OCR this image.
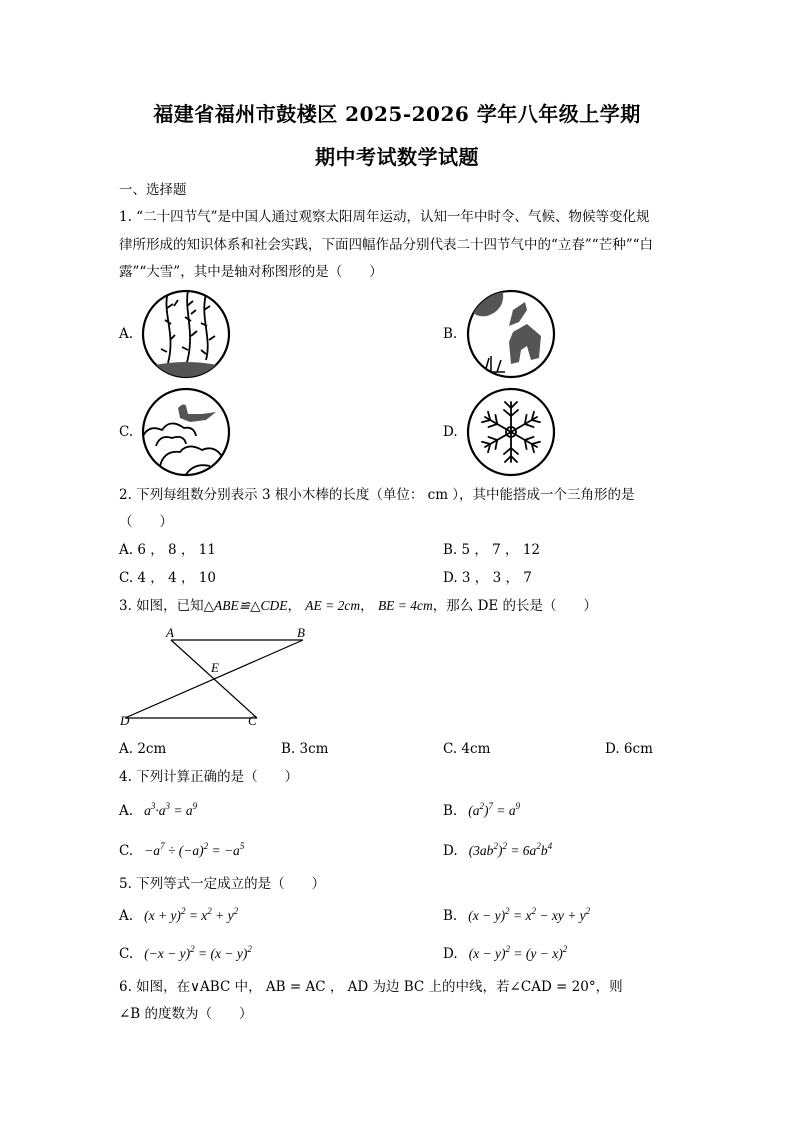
福建省福州市鼓楼区 2025-2026 学年八年级上学期
期中考试数学试题
一、选择题
1. “二十四节气”是中国人通过观察太阳周年运动，认知一年中时令、气候、物候等变化规
律所形成的知识体系和社会实践，下面四幅作品分别代表二十四节气中的“立春”“芒种”“白
露”“大雪”，其中是轴对称图形的是（　　）
A.	B.
C.	D.
2. 下列每组数分别表示 3 根小木棒的长度（单位： cm ），其中能搭成一个三角形的是
（　　）
A. 6 ， 8 ， 11	B. 5 ， 7 ， 12
C. 4 ， 4 ， 10	D. 3 ， 3 ， 7
3. 如图，已知△ABE≌△CDE， AE = 2cm， BE = 4cm，那么 DE 的长是（　　）
A	B
E
D	C
A. 2cm	B. 3cm	C. 4cm	D. 6cm
4. 下列计算正确的是（　　）
A.   $a^3\cdot a^3 = a^9$	B.   $(a^2)^7 = a^9$
C.   $-a^7 \div (-a)^2 = -a^5$	D.   $(3ab^2)^2 = 6a^2b^4$
5. 下列等式一定成立的是（　　）
A.   $(x + y)^2 = x^2 + y^2$	B.   $(x - y)^2 = x^2$ − xy + $y^2$
C.   $(-x - y)^2 = (x - y)^2$	D.   $(x - y)^2 = (y - x)^2$
6. 如图，在∨ABC 中， AB = AC ， AD 为边 BC 上的中线，若∠CAD = 20°，则
∠B 的度数为（　　）
